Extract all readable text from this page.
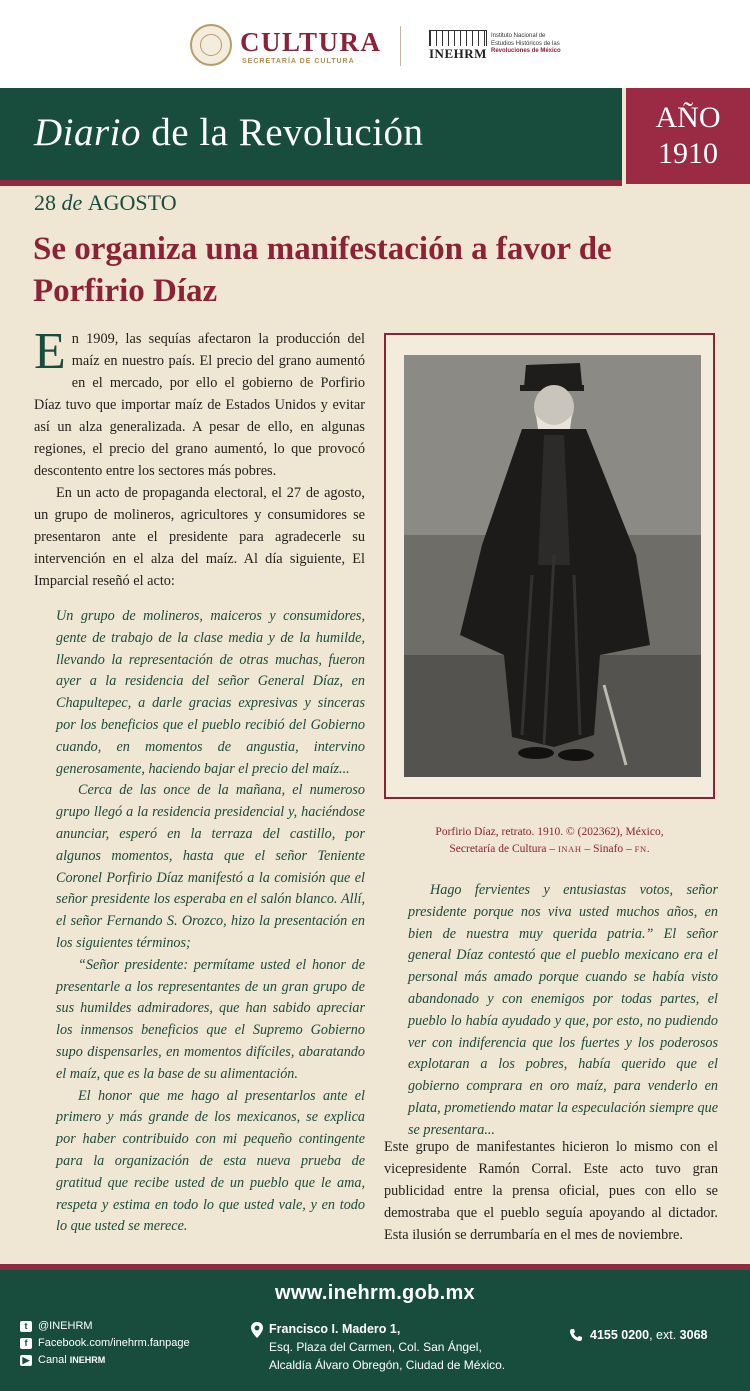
CULTURA
SECRETARÍA DE CULTURA
INEHRM
Instituto Nacional de
Estudios Históricos de las
Revoluciones de México
Diario de la Revolución	AÑO
1910
28 de AGOSTO
Se organiza una manifestación a favor de Porfirio Díaz

En 1909, las sequías afectaron la producción del maíz en nuestro país. El precio del grano aumentó en el mercado, por ello el gobierno de Porfirio Díaz tuvo que importar maíz de Estados Unidos y evitar así un alza generalizada. A pesar de ello, en algunas regiones, el precio del grano aumentó, lo que provocó descontento entre los sectores más pobres.

En un acto de propaganda electoral, el 27 de agosto, un grupo de molineros, agricultores y consumidores se presentaron ante el presidente para agradecerle su intervención en el alza del maíz. Al día siguiente, El Imparcial reseñó el acto:

Un grupo de molineros, maiceros y consumidores, gente de trabajo de la clase media y de la humilde, llevando la representación de otras muchas, fueron ayer a la residencia del señor General Díaz, en Chapultepec, a darle gracias expresivas y sinceras por los beneficios que el pueblo recibió del Gobierno cuando, en momentos de angustia, intervino generosamente, haciendo bajar el precio del maíz...

Cerca de las once de la mañana, el numeroso grupo llegó a la residencia presidencial y, haciéndose anunciar, esperó en la terraza del castillo, por algunos momentos, hasta que el señor Teniente Coronel Porfirio Díaz manifestó a la comisión que el señor presidente los esperaba en el salón blanco. Allí, el señor Fernando S. Orozco, hizo la presentación en los siguientes términos;

“Señor presidente: permítame usted el honor de presentarle a los representantes de un gran grupo de sus humildes admiradores, que han sabido apreciar los inmensos beneficios que el Supremo Gobierno supo dispensarles, en momentos difíciles, abaratando el maíz, que es la base de su alimentación.

El honor que me hago al presentarlos ante el primero y más grande de los mexicanos, se explica por haber contribuido con mi pequeño contingente para la organización de esta nueva prueba de gratitud que recibe usted de un pueblo que le ama, respeta y estima en todo lo que usted vale, y en todo lo que usted se merece.

Porfirio Díaz, retrato. 1910. © (202362), México,
Secretaría de Cultura – INAH – Sinafo – FN.

Hago fervientes y entusiastas votos, señor presidente porque nos viva usted muchos años, en bien de nuestra muy querida patria.” El señor general Díaz contestó que el pueblo mexicano era el personal más amado porque cuando se había visto abandonado y con enemigos por todas partes, el pueblo lo había ayudado y que, por esto, no pudiendo ver con indiferencia que los fuertes y los poderosos explotaran a los pobres, había querido que el gobierno comprara en oro maíz, para venderlo en plata, prometiendo matar la especulación siempre que se presentara...

Este grupo de manifestantes hicieron lo mismo con el vicepresidente Ramón Corral. Este acto tuvo gran publicidad entre la prensa oficial, pues con ello se demostraba que el pueblo seguía apoyando al dictador. Esta ilusión se derrumbaría en el mes de noviembre.

www.inehrm.gob.mx
t @INEHRM
f Facebook.com/inehrm.fanpage
▶ Canal INEHRM
Francisco I. Madero 1,
Esq. Plaza del Carmen, Col. San Ángel,
Alcaldía Álvaro Obregón, Ciudad de México.
4155 0200, ext. 3068
